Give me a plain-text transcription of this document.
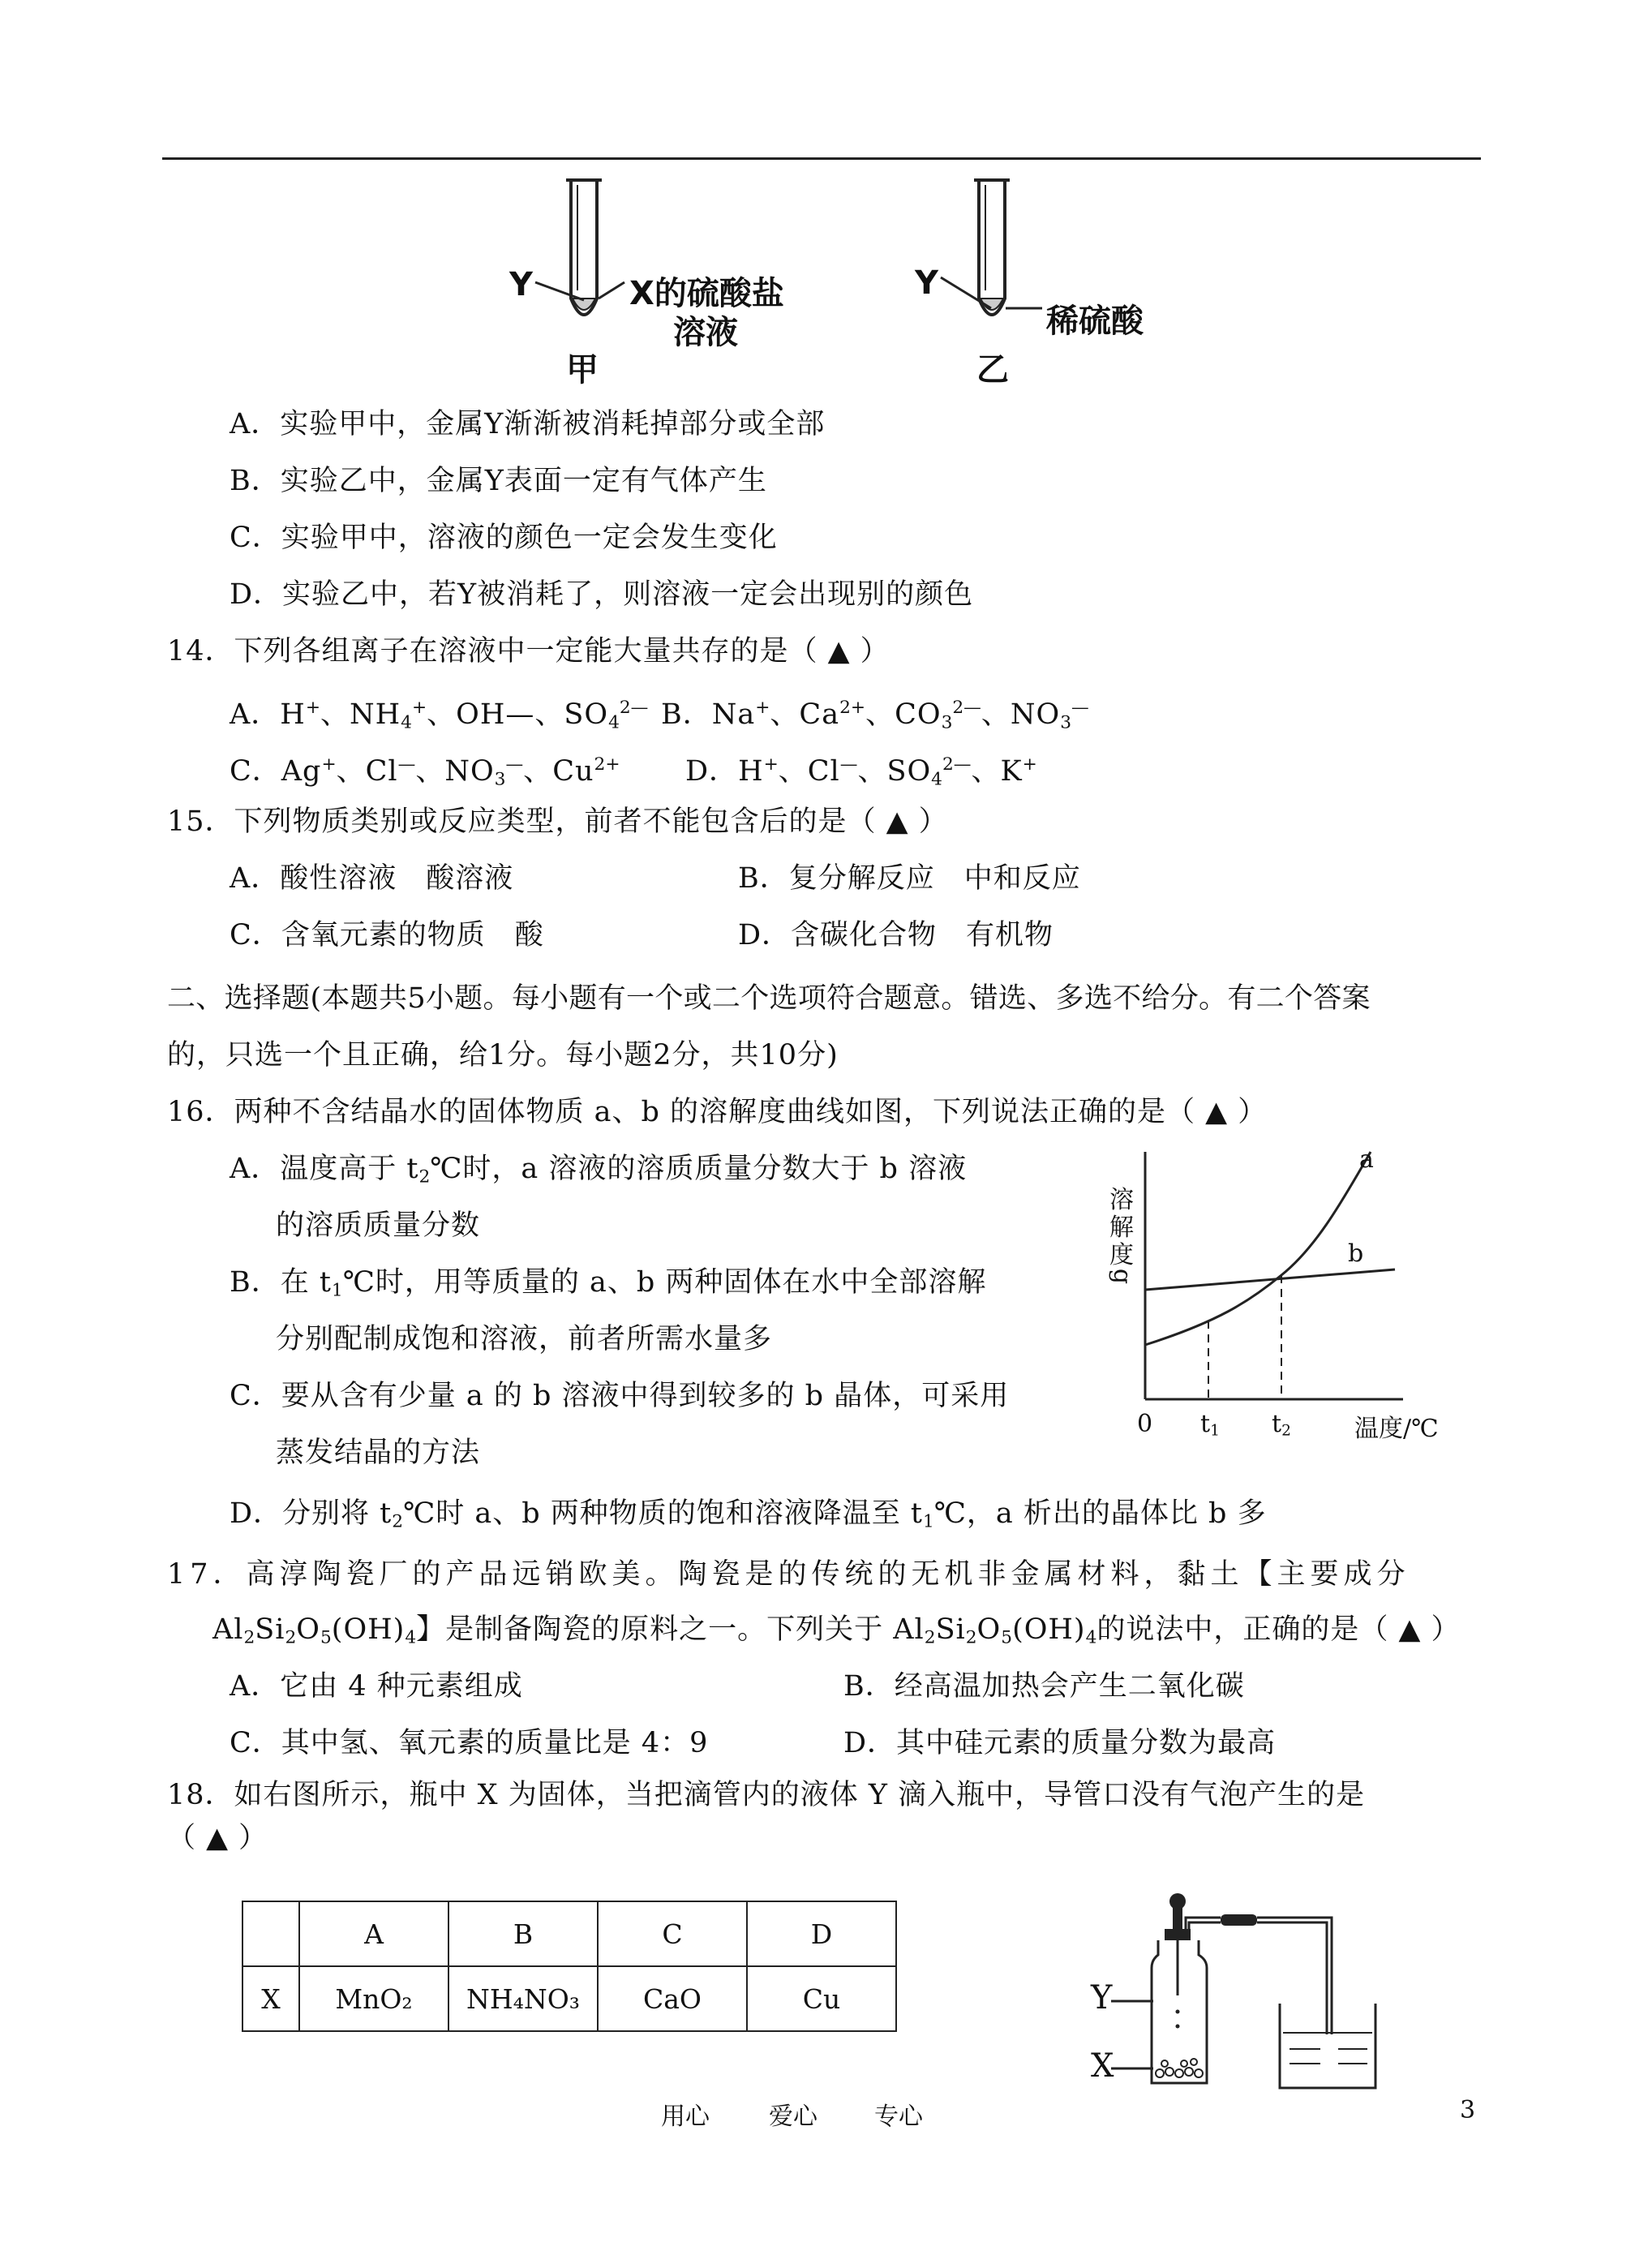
Y	X的硫酸盐
溶液
甲
Y
稀硫酸
乙
A．实验甲中，金属Y渐渐被消耗掉部分或全部
B．实验乙中，金属Y表面一定有气体产生
C．实验甲中，溶液的颜色一定会发生变化
D．实验乙中，若Y被消耗了，则溶液一定会出现别的颜色
14．下列各组离子在溶液中一定能大量共存的是（ ▲ ）
A．H+、$NH_4^+$、OH—、$SO_4^{2—}$ B．Na+、$Ca^{2+}$、$CO_3^{2—}$、$NO_3^—$
C．Ag+、Cl—、$NO_3^—$、$Cu^{2+}$ D．H+、Cl—、$SO_4^{2—}$、K+
15．下列物质类别或反应类型，前者不能包含后的是（ ▲ ）
A．酸性溶液　酸溶液	B．复分解反应　中和反应
C．含氧元素的物质　酸	D．含碳化合物　有机物
二、选择题(本题共5小题。每小题有一个或二个选项符合题意。错选、多选不给分。有二个答案
的，只选一个且正确，给1分。每小题2分，共10分)
16．两种不含结晶水的固体物质 a、b 的溶解度曲线如图，下列说法正确的是（ ▲ ）
A．温度高于 $t_2℃$时，a 溶液的溶质质量分数大于 b 溶液
的溶质质量分数
B．在 $t_1℃$时，用等质量的 a、b 两种固体在水中全部溶解
分别配制成饱和溶液，前者所需水量多
C．要从含有少量 a 的 b 溶液中得到较多的 b 晶体，可采用
蒸发结晶的方法
D．分别将 $t_2℃$时 a、b 两种物质的饱和溶液降温至 $t_1℃$，a 析出的晶体比 b 多
溶
解
度
g
a
b
0 $t_1$ $t_2$	温度/℃
17．高淳陶瓷厂的产品远销欧美。陶瓷是的传统的无机非金属材料，黏土【主要成分
$Al_2Si_2O_5(OH)_4$】是制备陶瓷的原料之一。下列关于 $Al_2Si_2O_5(OH)_4$的说法中，正确的是（ ▲ ）
A．它由 4 种元素组成	B．经高温加热会产生二氧化碳
C．其中氢、氧元素的质量比是 4：9	D．其中硅元素的质量分数为最高
18．如右图所示，瓶中 X 为固体，当把滴管内的液体 Y 滴入瓶中，导管口没有气泡产生的是
（ ▲ ）
	A	B	C	D
X	MnO₂	NH₄NO₃	CaO	Cu	Y
X
用心 爱心 专心	3
